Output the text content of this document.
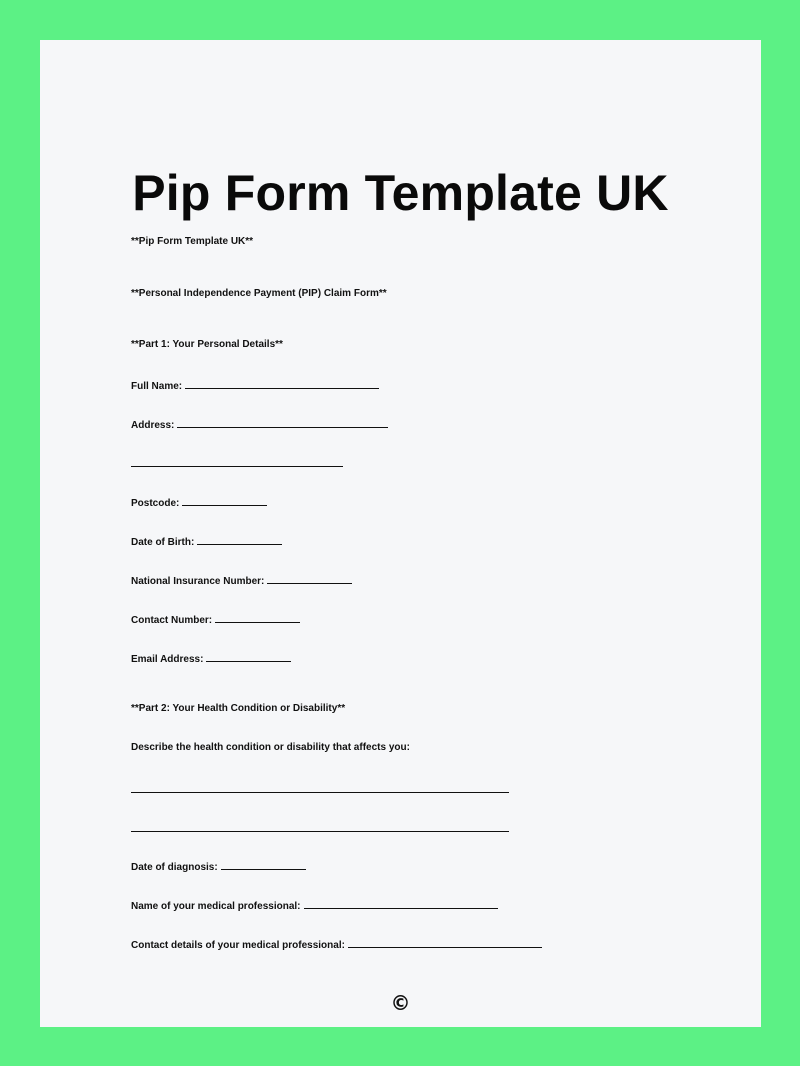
Pip Form Template UK
**Pip Form Template UK**
**Personal Independence Payment (PIP) Claim Form**
**Part 1: Your Personal Details**
Full Name:
Address:
Postcode:
Date of Birth:
National Insurance Number:
Contact Number:
Email Address:
**Part 2: Your Health Condition or Disability**
Describe the health condition or disability that affects you:
Date of diagnosis:
Name of your medical professional:
Contact details of your medical professional:
©
